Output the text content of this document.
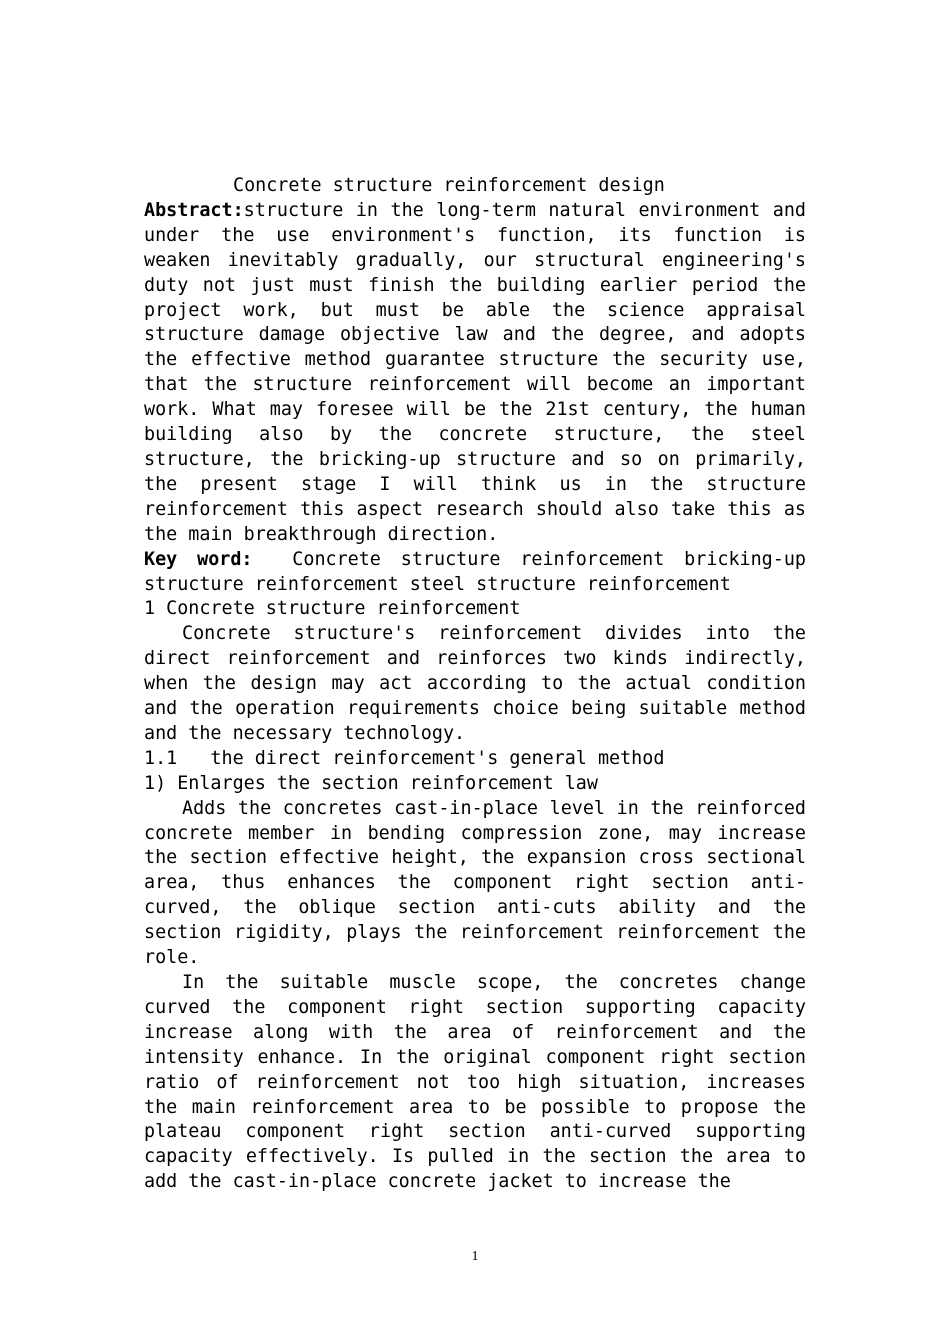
Concrete structure reinforcement design

Abstract:structure in the long-term natural environment and under the use environment's function, its function is weaken inevitably gradually, our structural engineering's duty not just must finish the building earlier period the project work, but must be able the science appraisal structure damage objective law and the degree, and adopts the effective method guarantee structure the security use, that the structure reinforcement will become an important work. What may foresee will be the 21st century, the human building also by the concrete structure, the steel structure, the bricking-up structure and so on primarily, the present stage I will think us in the structure reinforcement this aspect research should also take this as the main breakthrough direction.

Key word: Concrete structure reinforcement bricking-up structure reinforcement steel structure reinforcement

1 Concrete structure reinforcement

Concrete structure's reinforcement divides into the direct reinforcement and reinforces two kinds indirectly, when the design may act according to the actual condition and the operation requirements choice being suitable method and the necessary technology.

1.1   the direct reinforcement's general method

1) Enlarges the section reinforcement law

Adds the concretes cast-in-place level in the reinforced concrete member in bending compression zone, may increase the section effective height, the expansion cross sectional area, thus enhances the component right section anti-curved, the oblique section anti-cuts ability and the section rigidity, plays the reinforcement reinforcement the role.

In the suitable muscle scope, the concretes change curved the component right section supporting capacity increase along with the area of reinforcement and the intensity enhance. In the original component right section ratio of reinforcement not too high situation, increases the main reinforcement area to be possible to propose the plateau component right section anti-curved supporting capacity effectively. Is pulled in the section the area to add the cast-in-place concrete jacket to increase the

1
